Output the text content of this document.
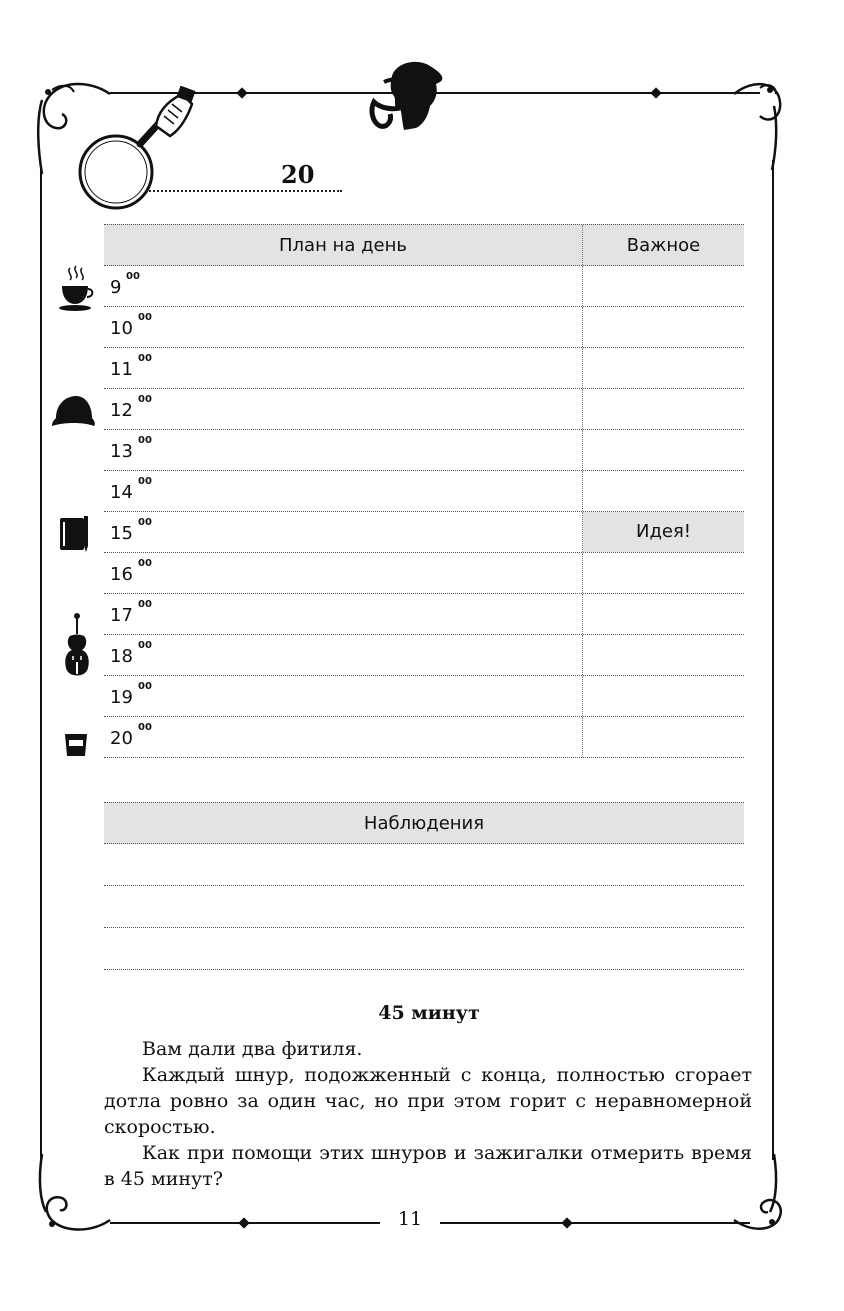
20
План на день	Важное
9
00
10
00
11
00
12
00
13
00
14
00
15
00	Идея!
16
00
17
00
18
00
19
00
20
00
Наблюдения
45 минут

Вам дали два фитиля.

Каждый шнур, подожженный с конца, полностью сгорает дотла ровно за один час, но при этом горит с неравномерной скоростью.

Как при помощи этих шнуров и зажигалки отмерить время в 45 минут?

11
